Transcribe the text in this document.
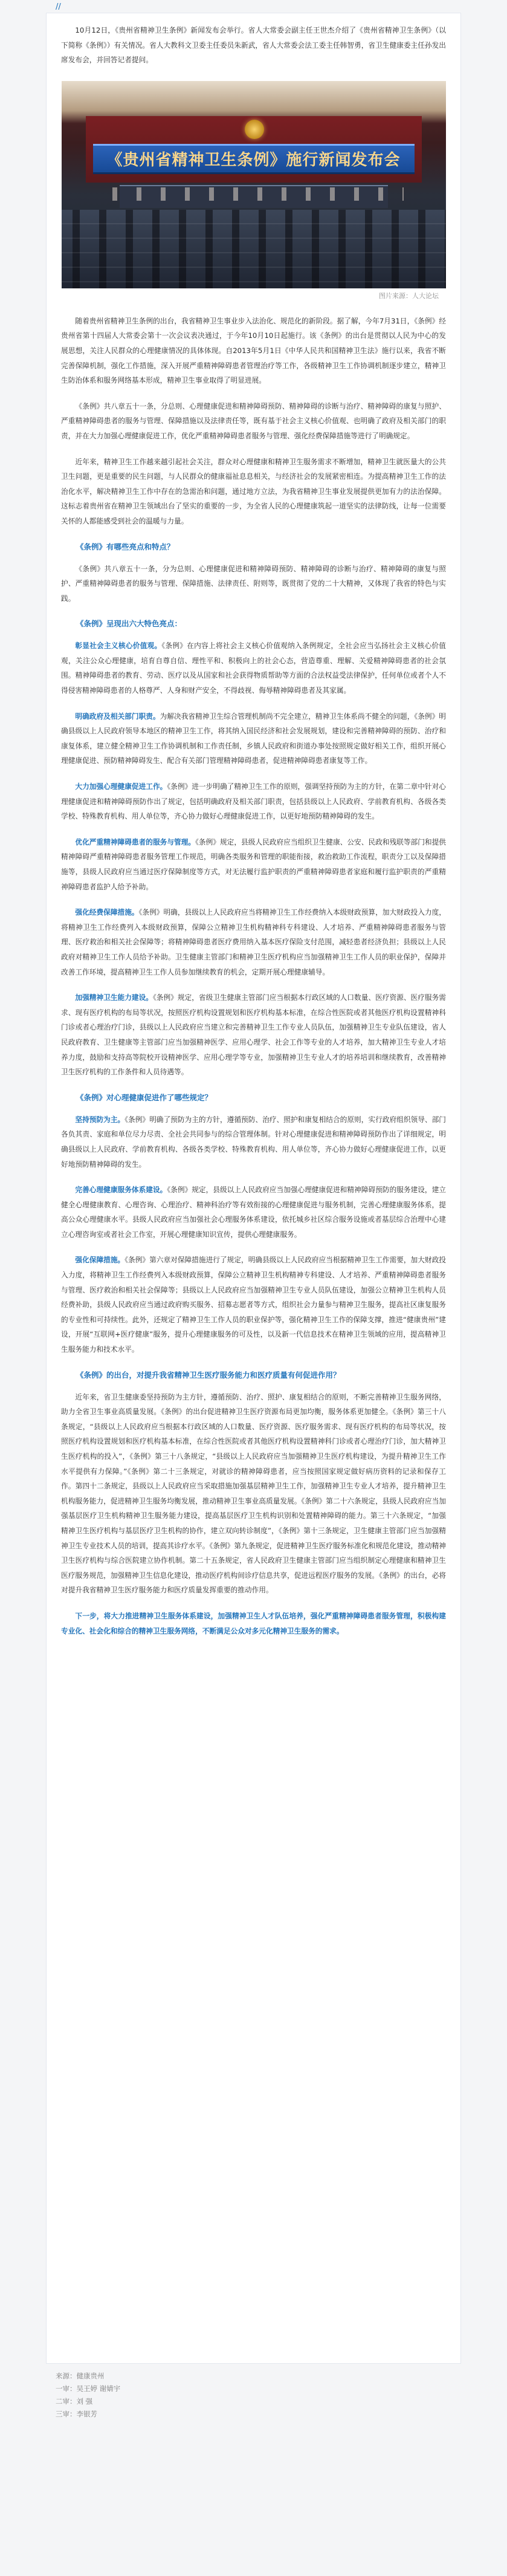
//

10月12日，《贵州省精神卫生条例》新闻发布会举行。省人大常委会副主任王世杰介绍了《贵州省精神卫生条例》（以下简称《条例》）有关情况。省人大教科文卫委主任委员朱新武，省人大常委会法工委主任韩智勇，省卫生健康委主任孙发出席发布会，并回答记者提问。

《贵州省精神卫生条例》施行新闻发布会
图片来源：人大论坛

随着贵州省精神卫生条例的出台，我省精神卫生事业步入法治化、规范化的新阶段。据了解，今年7月31日，《条例》经贵州省第十四届人大常委会第十一次会议表决通过，于今年10月10日起施行。该《条例》的出台是贯彻以人民为中心的发展思想，关注人民群众的心理健康情况的具体体现。自2013年5月1日《中华人民共和国精神卫生法》施行以来，我省不断完善保障机制，强化工作措施，深入开展严重精神障碍患者管理治疗等工作，各级精神卫生工作协调机制逐步建立，精神卫生防治体系和服务网络基本形成，精神卫生事业取得了明显进展。

《条例》共八章五十一条，分总则、心理健康促进和精神障碍预防、精神障碍的诊断与治疗、精神障碍的康复与照护、严重精神障碍患者的服务与管理、保障措施以及法律责任等，既有基于社会主义核心价值观、也明确了政府及相关部门的职责，并在大力加强心理健康促进工作，优化严重精神障碍患者服务与管理、强化经费保障措施等进行了明确规定。

近年来，精神卫生工作越来越引起社会关注，群众对心理健康和精神卫生服务需求不断增加，精神卫生就医量大的公共卫生问题，更是重要的民生问题，与人民群众的健康福祉息息相关，与经济社会的发展紧密相连。为提高精神卫生工作的法治化水平，解决精神卫生工作中存在的急需治和问题，通过地方立法，为我省精神卫生事业发展提供更加有力的法治保障。这标志着贵州省在精神卫生领域出台了坚实的重要的一步，为全省人民的心理健康筑起一道坚实的法律防线，让每一位需要关怀的人都能感受到社会的温暖与力量。

《条例》有哪些亮点和特点？

《条例》共八章五十一条，分为总则、心理健康促进和精神障碍预防、精神障碍的诊断与治疗、精神障碍的康复与照护、严重精神障碍患者的服务与管理、保障措施、法律责任、附则等，既贯彻了党的二十大精神，又体现了我省的特色与实践。

《条例》呈现出六大特色亮点：

彰显社会主义核心价值观。《条例》在内容上将社会主义核心价值观纳入条例规定，全社会应当弘扬社会主义核心价值观，关注公众心理健康，培育自尊自信、理性平和、积极向上的社会心态，营造尊重、理解、关爱精神障碍患者的社会氛围。精神障碍患者的教育、劳动、医疗以及从国家和社会获得物质帮助等方面的合法权益受法律保护，任何单位或者个人不得侵害精神障碍患者的人格尊严、人身和财产安全，不得歧视、侮辱精神障碍患者及其家属。

明确政府及相关部门职责。为解决我省精神卫生综合管理机制尚不完全建立，精神卫生体系尚不健全的问题，《条例》明确县级以上人民政府领导本地区的精神卫生工作，将其纳入国民经济和社会发展规划，建设和完善精神障碍的预防、治疗和康复体系，建立健全精神卫生工作协调机制和工作责任制，乡镇人民政府和街道办事处按照规定做好相关工作，组织开展心理健康促进、预防精神障碍发生、配合有关部门管理精神障碍患者，促进精神障碍患者康复等工作。

大力加强心理健康促进工作。《条例》进一步明确了精神卫生工作的原则，强调坚持预防为主的方针，在第二章中针对心理健康促进和精神障碍预防作出了规定，包括明确政府及相关部门职责，包括县级以上人民政府、学前教育机构、各级各类学校、特殊教育机构、用人单位等，齐心协力做好心理健康促进工作，以更好地预防精神障碍的发生。

优化严重精神障碍患者的服务与管理。《条例》规定，县级人民政府应当组织卫生健康、公安、民政和残联等部门和提供精神障碍严重精神障碍患者服务管理工作规范，明确各类服务和管理的职能衔接，救治救助工作流程，职责分工以及保障措施等，县级人民政府应当通过医疗保障制度等方式，对无法履行监护职责的严重精神障碍患者家庭和履行监护职责的严重精神障碍患者监护人给予补助。

强化经费保障措施。《条例》明确，县级以上人民政府应当将精神卫生工作经费纳入本级财政预算，加大财政投入力度，将精神卫生工作经费列入本级财政预算，保障公立精神卫生机构精神科专科建设、人才培养、严重精神障碍患者服务与管理、医疗救治和相关社会保障等；将精神障碍患者医疗费用纳入基本医疗保险支付范围，减轻患者经济负担；县级以上人民政府对精神卫生工作人员给予补助。卫生健康主管部门和精神卫生医疗机构应当加强精神卫生工作人员的职业保护，保障并改善工作环境，提高精神卫生工作人员参加继续教育的机会，定期开展心理健康辅导。

加强精神卫生能力建设。《条例》规定，省级卫生健康主管部门应当根据本行政区域的人口数量、医疗资源、医疗服务需求、现有医疗机构的布局等状况，按照医疗机构设置规划和医疗机构基本标准，在综合性医院或者其他医疗机构设置精神科门诊或者心理治疗门诊，县级以上人民政府应当建立和完善精神卫生工作专业人员队伍，加强精神卫生专业队伍建设，省人民政府教育、卫生健康等主管部门应当加强精神医学、应用心理学、社会工作等专业的人才培养，加大精神卫生专业人才培养力度，鼓励和支持高等院校开设精神医学、应用心理学等专业，加强精神卫生专业人才的培养培训和继续教育，改善精神卫生医疗机构的工作条件和人员待遇等。

《条例》对心理健康促进作了哪些规定？

坚持预防为主。《条例》明确了预防为主的方针，遵循预防、治疗、照护和康复相结合的原则，实行政府组织领导、部门各负其责、家庭和单位尽力尽责、全社会共同参与的综合管理体制。针对心理健康促进和精神障碍预防作出了详细规定，明确县级以上人民政府、学前教育机构、各级各类学校、特殊教育机构、用人单位等，齐心协力做好心理健康促进工作，以更好地预防精神障碍的发生。

完善心理健康服务体系建设。《条例》规定，县级以上人民政府应当加强心理健康促进和精神障碍预防的服务建设，建立健全心理健康教育、心理咨询、心理治疗、精神科治疗等有效衔接的心理健康促进与服务机制，完善心理健康服务体系，提高公众心理健康水平。县级人民政府应当加强社会心理服务体系建设，依托城乡社区综合服务设施或者基层综合治理中心建立心理咨询室或者社会工作室，开展心理健康知识宣传，提供心理健康服务。

强化保障措施。《条例》第六章对保障措施进行了规定，明确县级以上人民政府应当根据精神卫生工作需要，加大财政投入力度，将精神卫生工作经费列入本级财政预算，保障公立精神卫生机构精神专科建设、人才培养、严重精神障碍患者服务与管理、医疗救治和相关社会保障等；县级以上人民政府应当加强精神卫生专业人员队伍建设，加强公立精神卫生机构人员经费补助，县级人民政府应当通过政府购买服务、招募志愿者等方式，组织社会力量参与精神卫生服务，提高社区康复服务的专业性和可持续性。此外，还规定了精神卫生工作人员的职业保护等，强化精神卫生工作的保障支撑，推进“健康贵州”建设，开展“互联网+医疗健康”服务，提升心理健康服务的可及性，以及新一代信息技术在精神卫生领域的应用，提高精神卫生服务能力和技术水平。

《条例》的出台，对提升我省精神卫生医疗服务能力和医疗质量有何促进作用？

近年来，省卫生健康委坚持预防为主方针，遵循预防、治疗、照护、康复相结合的原则，不断完善精神卫生服务网络，助力全省卫生事业高质量发展。《条例》的出台促进精神卫生医疗资源布局更加均衡，服务体系更加健全。《条例》第三十八条规定，“县级以上人民政府应当根据本行政区域的人口数量、医疗资源、医疗服务需求、现有医疗机构的布局等状况，按照医疗机构设置规划和医疗机构基本标准，在综合性医院或者其他医疗机构设置精神科门诊或者心理治疗门诊，加大精神卫生医疗机构的投入”，《条例》第三十八条规定，“县级以上人民政府应当加强精神卫生医疗机构建设，为提升精神卫生工作水平提供有力保障。”《条例》第二十三条规定，对就诊的精神障碍患者，应当按照国家规定做好病历资料的记录和保存工作。第四十二条规定，县级以上人民政府应当采取措施加强基层精神卫生工作，加强精神卫生专业人才培养，提升精神卫生机构服务能力，促进精神卫生服务均衡发展，推动精神卫生事业高质量发展。《条例》第二十六条规定，县级人民政府应当加强基层医疗卫生机构精神卫生服务能力建设，提高基层医疗卫生机构识别和处置精神障碍的能力。第三十六条规定，“加强精神卫生医疗机构与基层医疗卫生机构的协作，建立双向转诊制度”，《条例》第十三条规定，卫生健康主管部门应当加强精神卫生专业技术人员的培训，提高其诊疗水平。《条例》第九条规定，促进精神卫生医疗服务标准化和规范化建设，推动精神卫生医疗机构与综合医院建立协作机制。第二十五条规定，省人民政府卫生健康主管部门应当组织制定心理健康和精神卫生医疗服务规范，加强精神卫生信息化建设，推动医疗机构间诊疗信息共享，促进远程医疗服务的发展。《条例》的出台，必将对提升我省精神卫生医疗服务能力和医疗质量发挥重要的推动作用。

下一步，将大力推进精神卫生服务体系建设，加强精神卫生人才队伍培养，强化严重精神障碍患者服务管理，积极构建专业化、社会化和综合的精神卫生服务网络，不断满足公众对多元化精神卫生服务的需求。

来源：健康贵州
一审：吴王婷 谢婧宇
二审：刘 强
三审：李银芳
